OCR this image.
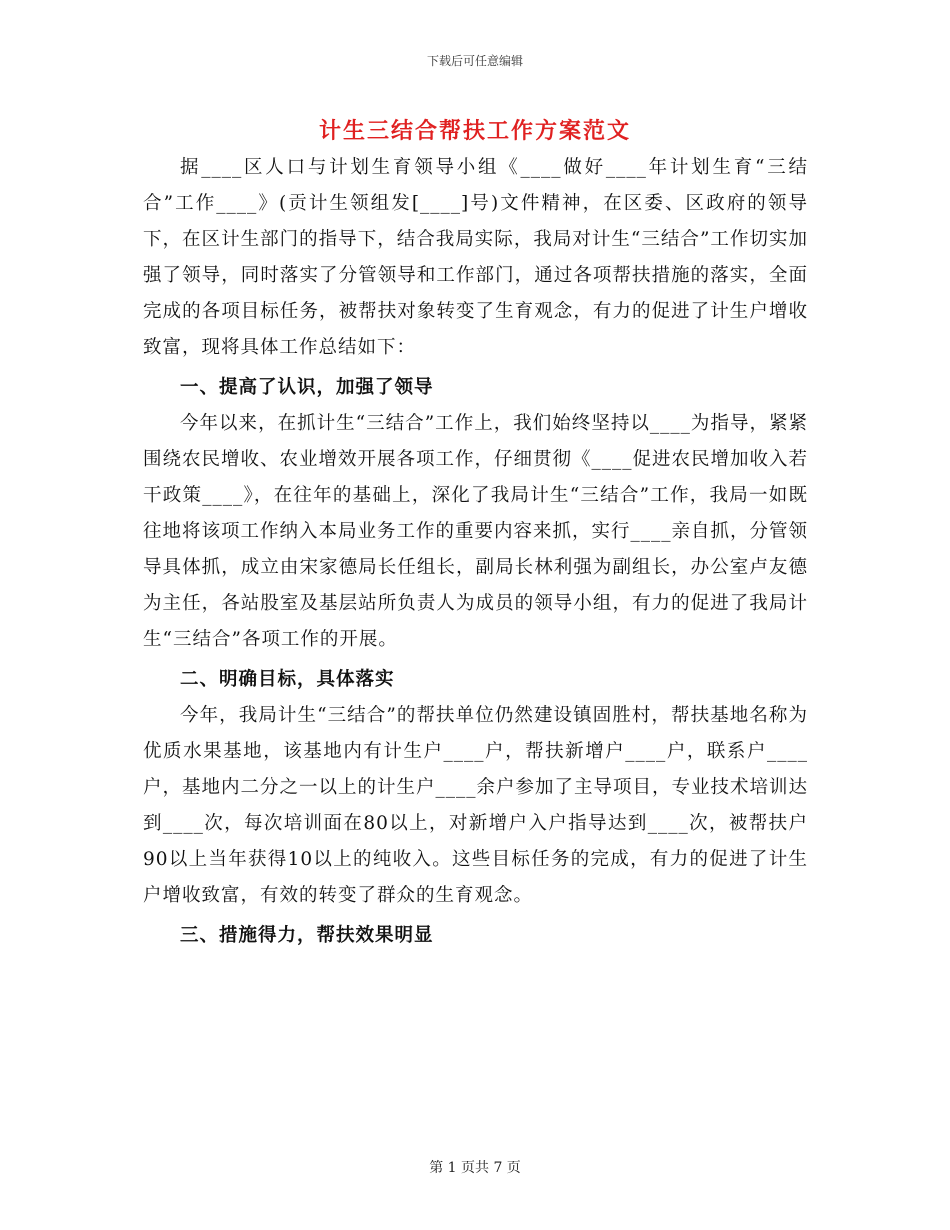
下载后可任意编辑
计生三结合帮扶工作方案范文

据____区人口与计划生育领导小组《____做好____年计划生育“三结合”工作____》(贡计生领组发[____]号)文件精神，在区委、区政府的领导下，在区计生部门的指导下，结合我局实际，我局对计生“三结合”工作切实加强了领导，同时落实了分管领导和工作部门，通过各项帮扶措施的落实，全面完成的各项目标任务，被帮扶对象转变了生育观念，有力的促进了计生户增收致富，现将具体工作总结如下：

一、提高了认识，加强了领导

今年以来，在抓计生“三结合”工作上，我们始终坚持以____为指导，紧紧围绕农民增收、农业增效开展各项工作，仔细贯彻《____促进农民增加收入若干政策____》，在往年的基础上，深化了我局计生“三结合”工作，我局一如既往地将该项工作纳入本局业务工作的重要内容来抓，实行____亲自抓，分管领导具体抓，成立由宋家德局长任组长，副局长林利强为副组长，办公室卢友德为主任，各站股室及基层站所负责人为成员的领导小组，有力的促进了我局计生“三结合”各项工作的开展。

二、明确目标，具体落实

今年，我局计生“三结合”的帮扶单位仍然建设镇固胜村，帮扶基地名称为优质水果基地，该基地内有计生户____户，帮扶新增户____户，联系户____户，基地内二分之一以上的计生户____余户参加了主导项目，专业技术培训达到____次，每次培训面在80以上，对新增户入户指导达到____次，被帮扶户90以上当年获得10以上的纯收入。这些目标任务的完成，有力的促进了计生户增收致富，有效的转变了群众的生育观念。

三、措施得力，帮扶效果明显

第 1 页共 7 页
